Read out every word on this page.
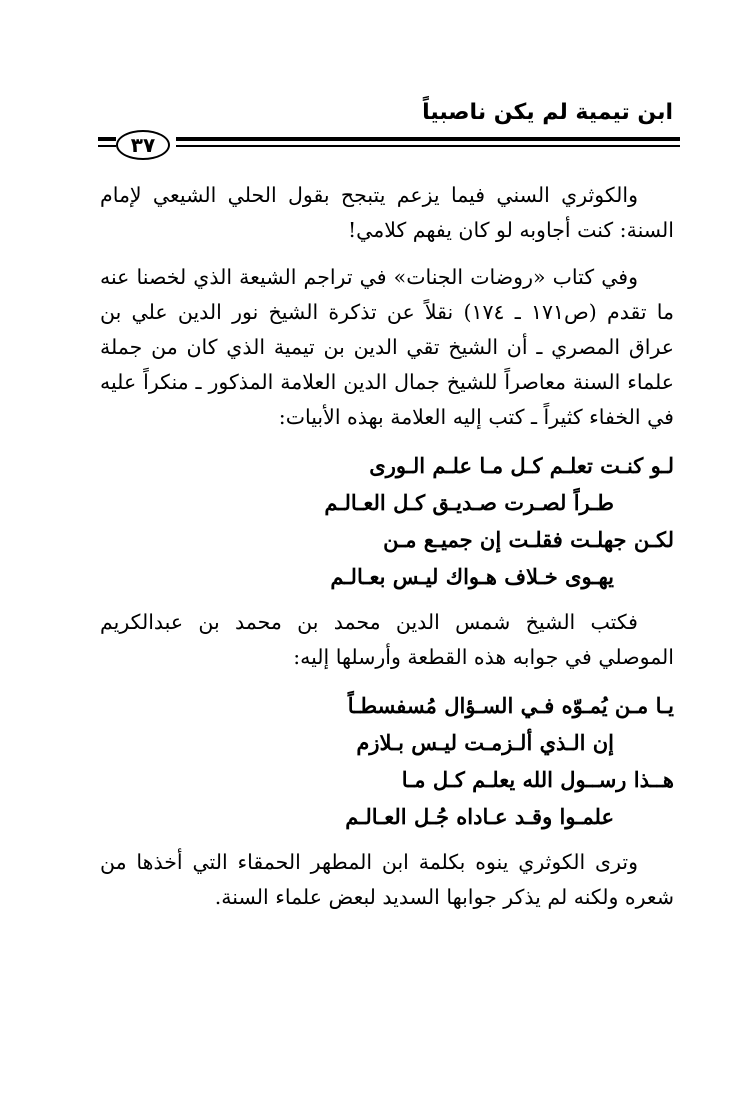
ابن تيمية لم يكن ناصبياً
٣٧

والكوثري السني فيما يزعم يتبجح بقول الحلي الشيعي لإمام السنة: كنت أجاوبه لو كان يفهم كلامي!

وفي كتاب «روضات الجنات» في تراجم الشيعة الذي لخصنا عنه ما تقدم (ص١٧١ ـ ١٧٤) نقلاً عن تذكرة الشيخ نور الدين علي بن عراق المصري ـ أن الشيخ تقي الدين بن تيمية الذي كان من جملة علماء السنة معاصراً للشيخ جمال الدين العلامة المذكور ـ منكراً عليه في الخفاء كثيراً ـ كتب إليه العلامة بهذه الأبيات:

لـو كنـت تعلـم كـل مـا علـم الـورى
طـراً لصـرت صـديـق كـل العـالـم
لكـن جهلـت فقلـت إن جميـع مـن
يهـوى خـلاف هـواك ليـس بعـالـم

فكتب الشيخ شمس الدين محمد بن محمد بن عبدالكريم الموصلي في جوابه هذه القطعة وأرسلها إليه:

يـا مـن يُمـوّه فـي السـؤال مُسفسطـاً
إن الـذي ألـزمـت ليـس بـلازم
هــذا رســول الله يعلـم كـل مـا
علمـوا وقـد عـاداه جُـل العـالـم

وترى الكوثري ينوه بكلمة ابن المطهر الحمقاء التي أخذها من شعره ولكنه لم يذكر جوابها السديد لبعض علماء السنة.
